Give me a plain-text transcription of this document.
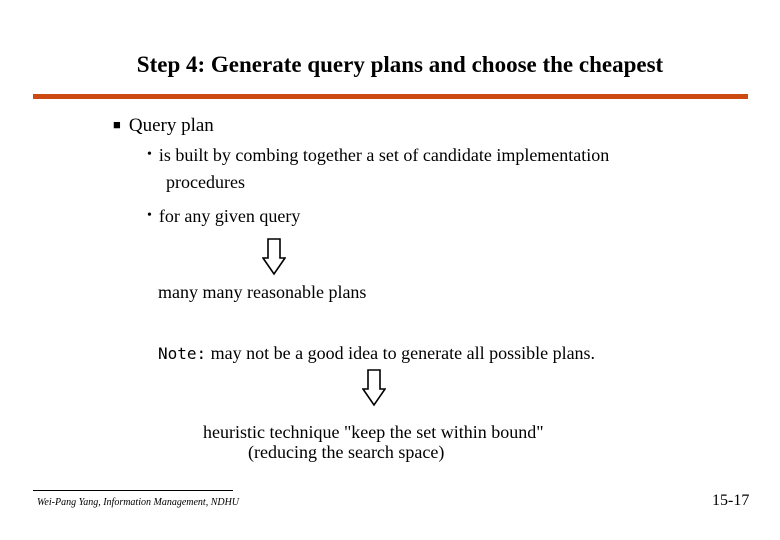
Step 4: Generate query plans and choose the cheapest
■ Query plan
• is built by combing together a set of candidate implementation
procedures
• for any given query
many many reasonable plans
Note: may not be a good idea to generate all possible plans.
heuristic technique "keep the set within bound"
(reducing the search space)
Wei-Pang Yang, Information Management, NDHU	15-17
